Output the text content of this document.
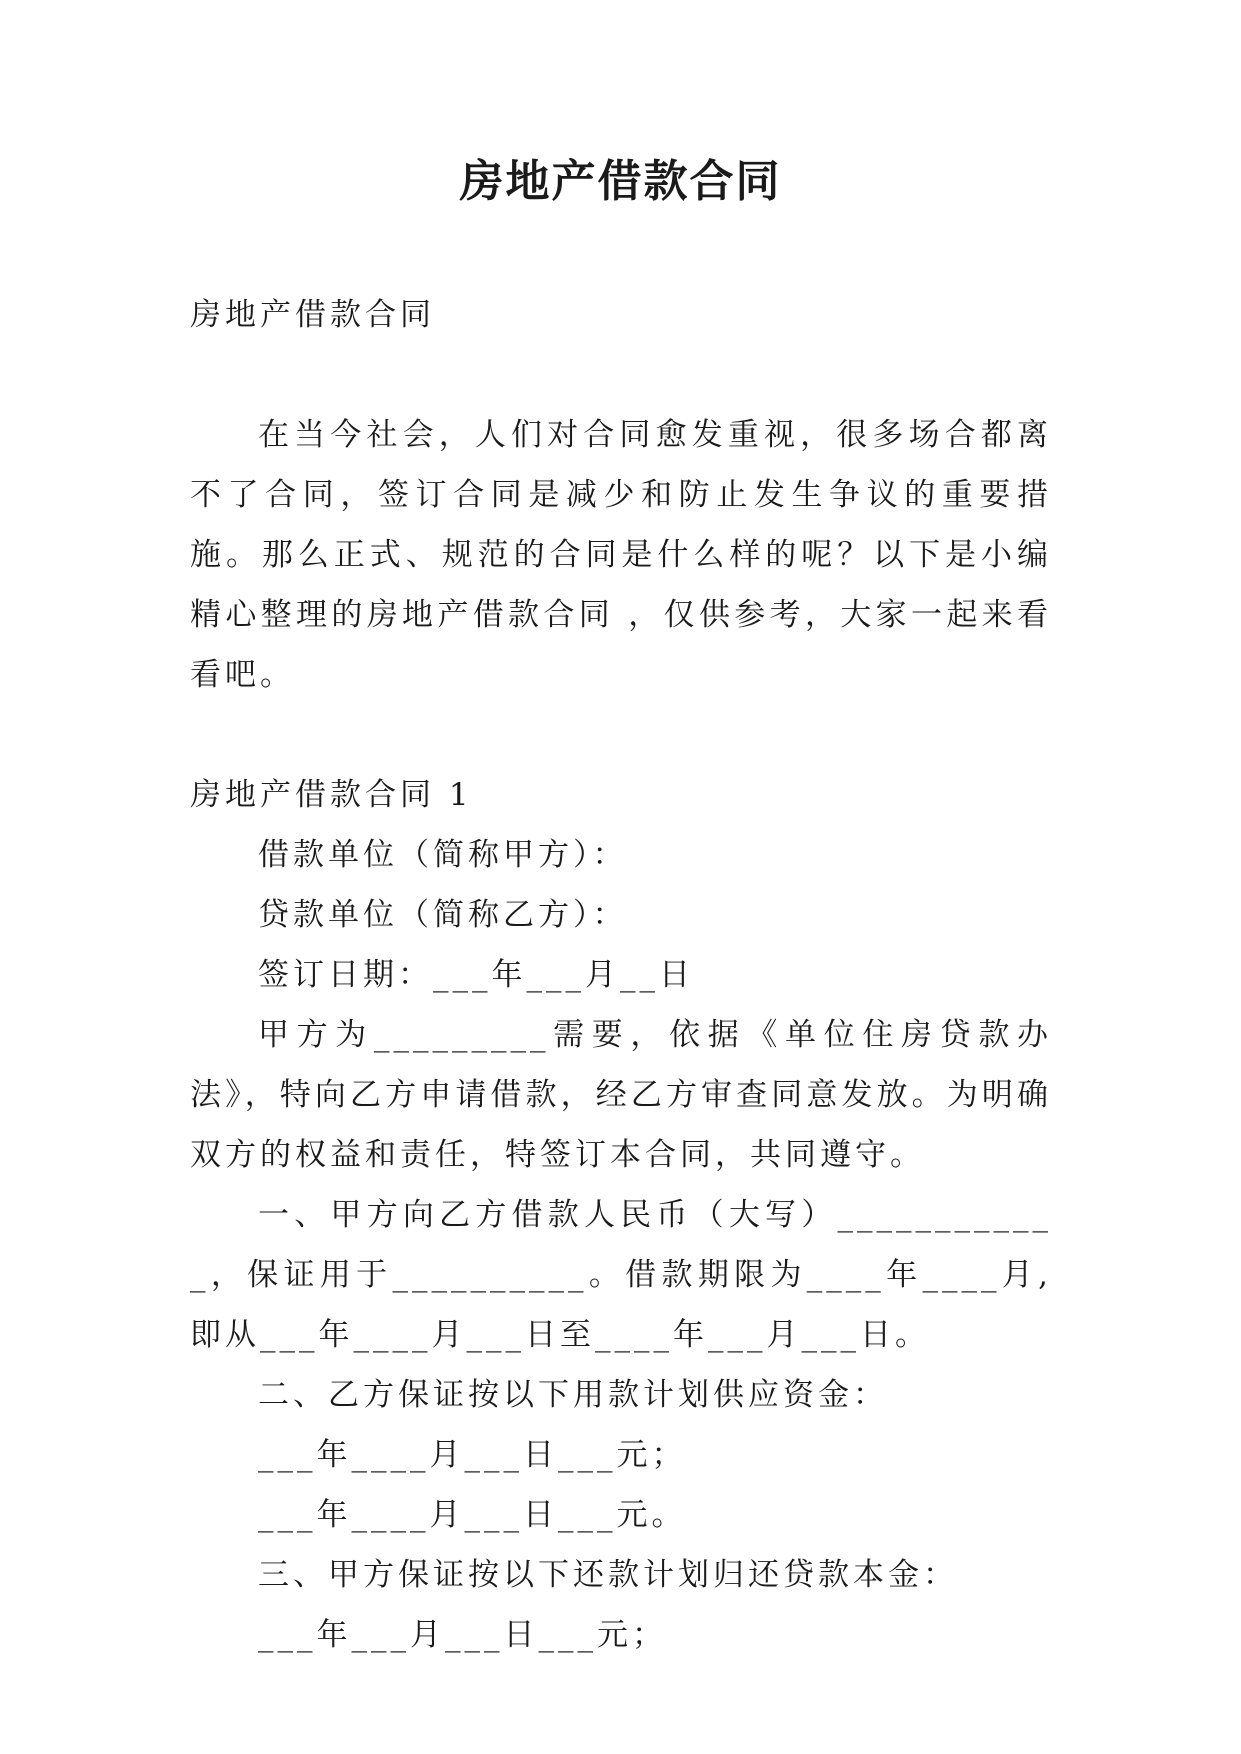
房地产借款合同
房地产借款合同
在当今社会，人们对合同愈发重视，很多场合都离不了合同，签订合同是减少和防止发生争议的重要措施。那么正式、规范的合同是什么样的呢？以下是小编精心整理的房地产借款合同 ，仅供参考，大家一起来看看吧。
房地产借款合同 1
借款单位（简称甲方）：
贷款单位（简称乙方）：
签订日期：___年___月__日
甲方为_________需要，依据《单位住房贷款办法》，特向乙方申请借款，经乙方审查同意发放。为明确双方的权益和责任，特签订本合同，共同遵守。
一、甲方向乙方借款人民币（大写）____________，保证用于__________。借款期限为____年____月,即从___年____月___日至____年___月___日。
二、乙方保证按以下用款计划供应资金：
___年____月___日___元；
___年____月___日___元。
三、甲方保证按以下还款计划归还贷款本金：
___年___月___日___元；
